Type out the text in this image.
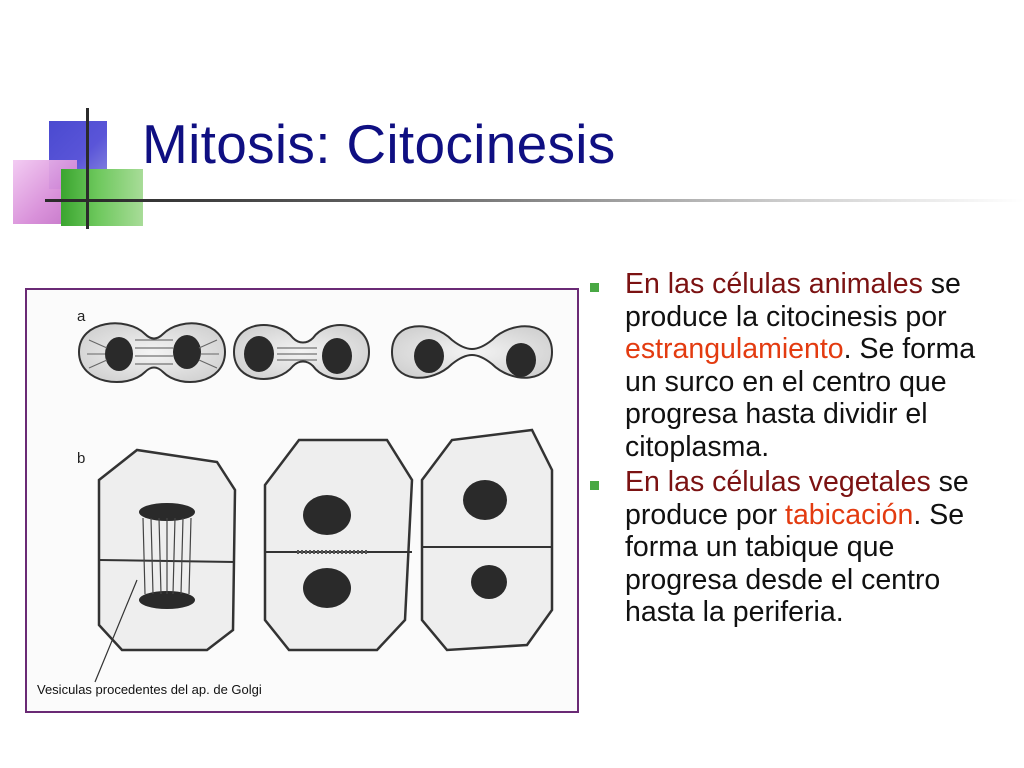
Mitosis: Citocinesis
a
b
Vesiculas procedentes del ap. de Golgi
En las células animales se produce la citocinesis por estrangulamiento. Se forma un surco en el centro que progresa hasta dividir el citoplasma.
En las células vegetales se produce por tabicación. Se forma un tabique que progresa desde el centro hasta la periferia.
